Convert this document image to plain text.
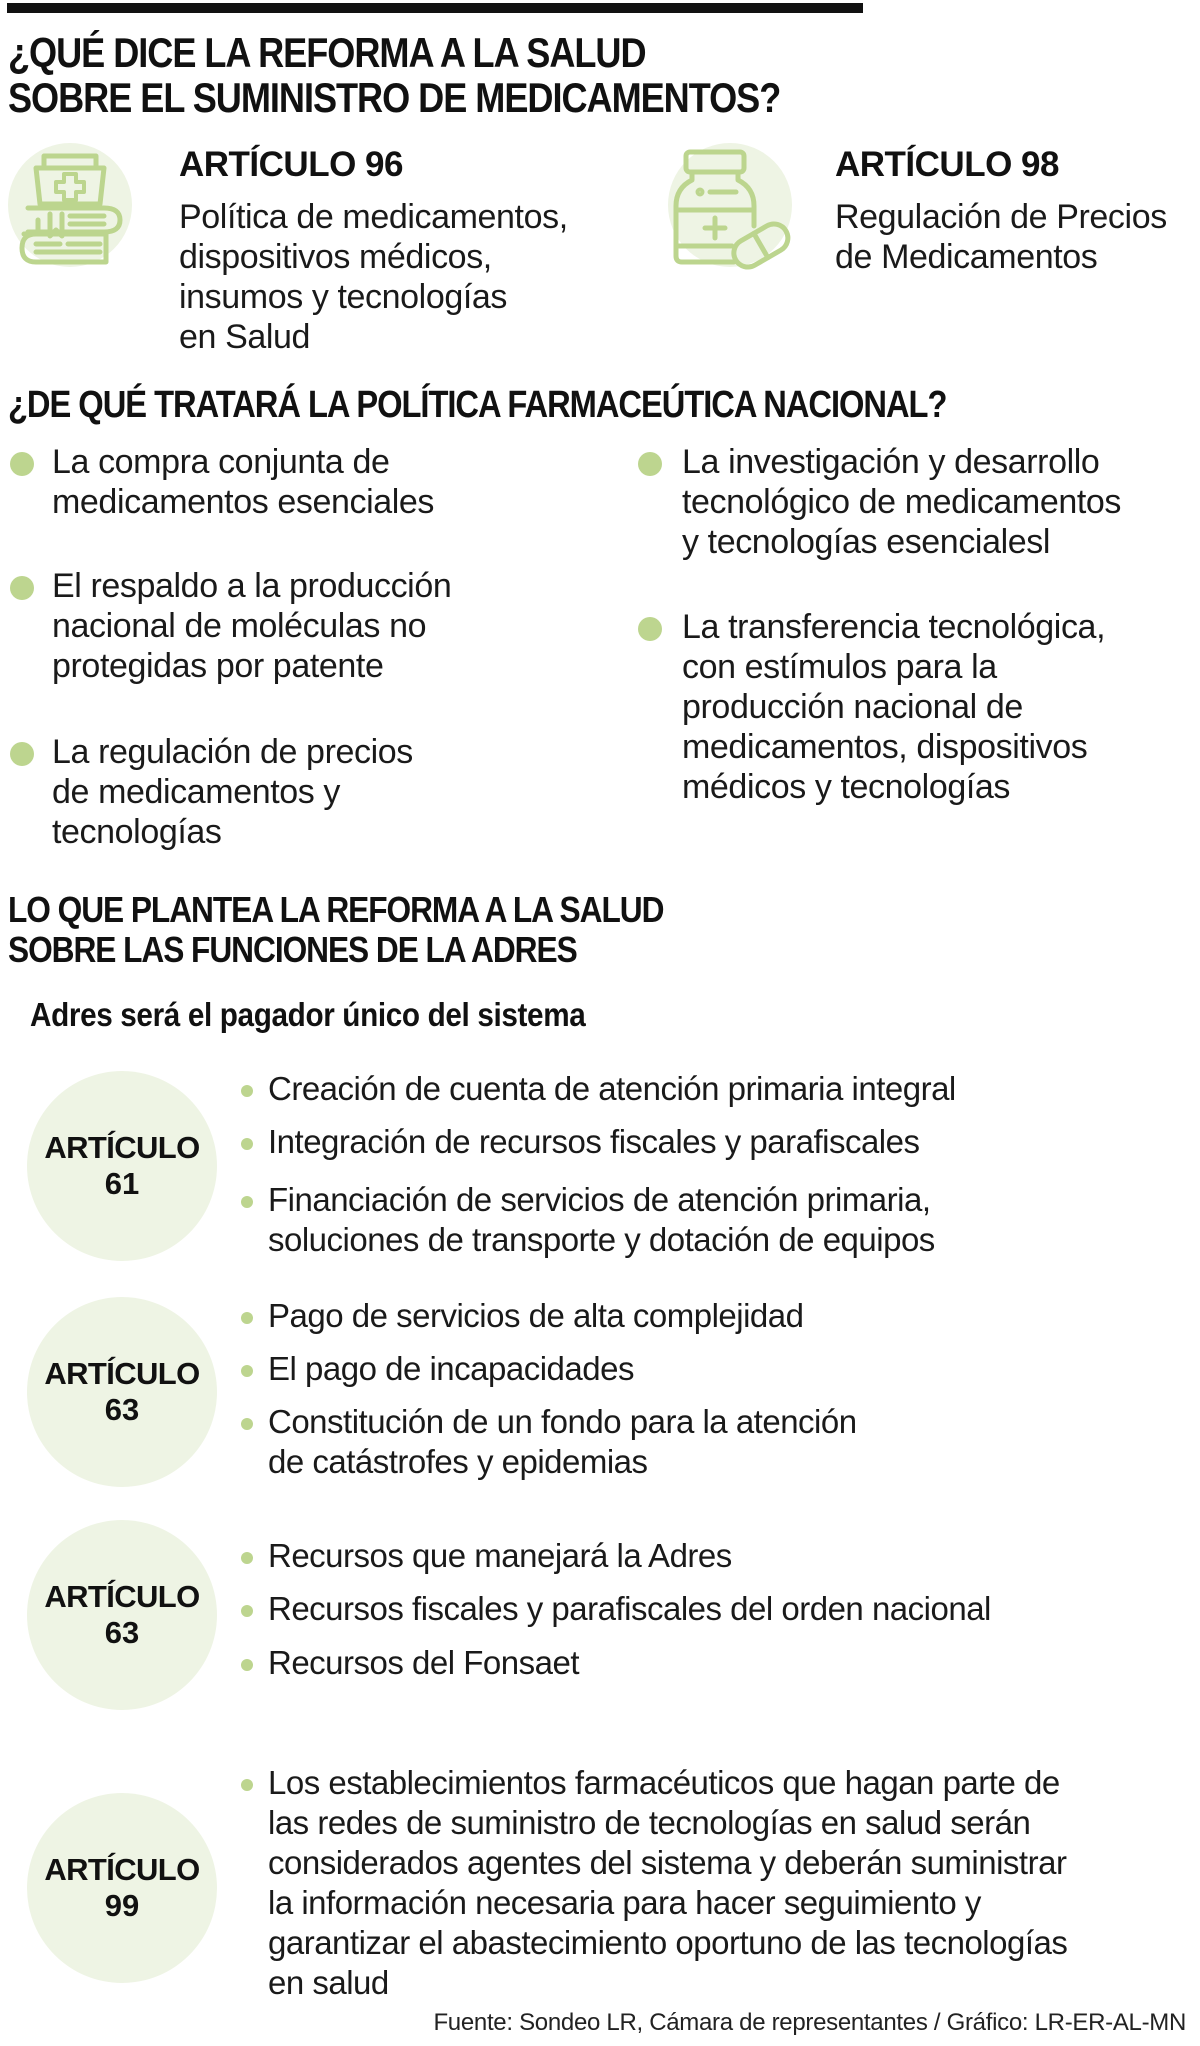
¿QUÉ DICE LA REFORMA A LA SALUD
SOBRE EL SUMINISTRO DE MEDICAMENTOS?
ARTÍCULO 96
Política de medicamentos,
dispositivos médicos,
insumos y tecnologías
en Salud
ARTÍCULO 98
Regulación de Precios
de Medicamentos
¿DE QUÉ TRATARÁ LA POLÍTICA FARMACEÚTICA NACIONAL?
La compra conjunta de
medicamentos esenciales
El respaldo a la producción
nacional de moléculas no
protegidas por patente
La regulación de precios
de medicamentos y
tecnologías
La investigación y desarrollo
tecnológico de medicamentos
y tecnologías esencialesl
La transferencia tecnológica,
con estímulos para la
producción nacional de
medicamentos, dispositivos
médicos y tecnologías
LO QUE PLANTEA LA REFORMA A LA SALUD
SOBRE LAS FUNCIONES DE LA ADRES
Adres será el pagador único del sistema
ARTÍCULO
61
Creación de cuenta de atención primaria integral
Integración de recursos fiscales y parafiscales
Financiación de servicios de atención primaria,
soluciones de transporte y dotación de equipos
ARTÍCULO
63
Pago de servicios de alta complejidad
El pago de incapacidades
Constitución de un fondo para la atención
de catástrofes y epidemias
ARTÍCULO
63
Recursos que manejará la Adres
Recursos fiscales y parafiscales del orden nacional
Recursos del Fonsaet
ARTÍCULO
99
Los establecimientos farmacéuticos que hagan parte de
las redes de suministro de tecnologías en salud serán
considerados agentes del sistema y deberán suministrar
la información necesaria para hacer seguimiento y
garantizar el abastecimiento oportuno de las tecnologías
en salud
Fuente: Sondeo LR, Cámara de representantes / Gráfico: LR-ER-AL-MN
